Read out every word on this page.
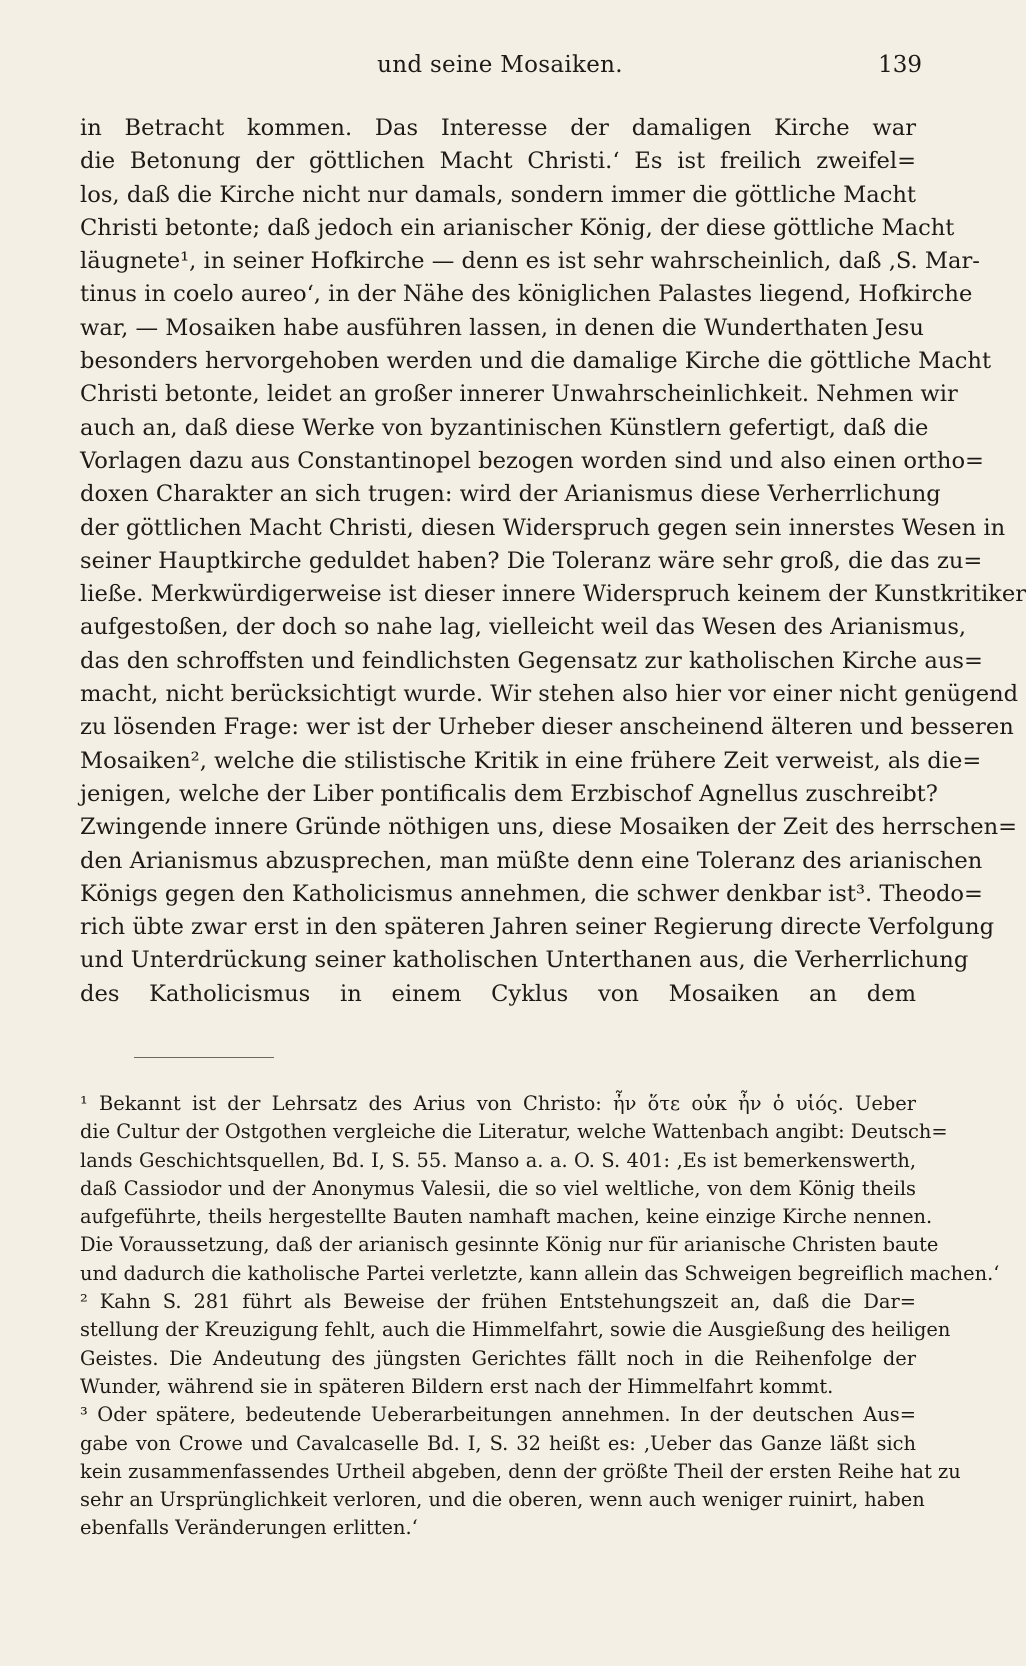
und seine Mosaiken.	139
in Betracht kommen. Das Interesse der damaligen Kirche war
die Betonung der göttlichen Macht Christi.‘ Es ist freilich zweifel=
los, daß die Kirche nicht nur damals, sondern immer die göttliche Macht
Christi betonte; daß jedoch ein arianischer König, der diese göttliche Macht
läugnete¹, in seiner Hofkirche — denn es ist sehr wahrscheinlich, daß ‚S. Mar-
tinus in coelo aureo‘, in der Nähe des königlichen Palastes liegend, Hofkirche
war, — Mosaiken habe ausführen lassen, in denen die Wunderthaten Jesu
besonders hervorgehoben werden und die damalige Kirche die göttliche Macht
Christi betonte, leidet an großer innerer Unwahrscheinlichkeit. Nehmen wir
auch an, daß diese Werke von byzantinischen Künstlern gefertigt, daß die
Vorlagen dazu aus Constantinopel bezogen worden sind und also einen ortho=
doxen Charakter an sich trugen: wird der Arianismus diese Verherrlichung
der göttlichen Macht Christi, diesen Widerspruch gegen sein innerstes Wesen in
seiner Hauptkirche geduldet haben? Die Toleranz wäre sehr groß, die das zu=
ließe. Merkwürdigerweise ist dieser innere Widerspruch keinem der Kunstkritiker
aufgestoßen, der doch so nahe lag, vielleicht weil das Wesen des Arianismus,
das den schroffsten und feindlichsten Gegensatz zur katholischen Kirche aus=
macht, nicht berücksichtigt wurde. Wir stehen also hier vor einer nicht genügend
zu lösenden Frage: wer ist der Urheber dieser anscheinend älteren und besseren
Mosaiken², welche die stilistische Kritik in eine frühere Zeit verweist, als die=
jenigen, welche der Liber pontificalis dem Erzbischof Agnellus zuschreibt?
Zwingende innere Gründe nöthigen uns, diese Mosaiken der Zeit des herrschen=
den Arianismus abzusprechen, man müßte denn eine Toleranz des arianischen
Königs gegen den Katholicismus annehmen, die schwer denkbar ist³. Theodo=
rich übte zwar erst in den späteren Jahren seiner Regierung directe Verfolgung
und Unterdrückung seiner katholischen Unterthanen aus, die Verherrlichung
des Katholicismus in einem Cyklus von Mosaiken an dem
¹ Bekannt ist der Lehrsatz des Arius von Christo: ἦν ὅτε οὐκ ἦν ὁ υἱός. Ueber
die Cultur der Ostgothen vergleiche die Literatur, welche Wattenbach angibt: Deutsch=
lands Geschichtsquellen, Bd. I, S. 55. Manso a. a. O. S. 401: ‚Es ist bemerkenswerth,
daß Cassiodor und der Anonymus Valesii, die so viel weltliche, von dem König theils
aufgeführte, theils hergestellte Bauten namhaft machen, keine einzige Kirche nennen.
Die Voraussetzung, daß der arianisch gesinnte König nur für arianische Christen baute
und dadurch die katholische Partei verletzte, kann allein das Schweigen begreiflich machen.‘
² Kahn S. 281 führt als Beweise der frühen Entstehungszeit an, daß die Dar=
stellung der Kreuzigung fehlt, auch die Himmelfahrt, sowie die Ausgießung des heiligen
Geistes. Die Andeutung des jüngsten Gerichtes fällt noch in die Reihenfolge der
Wunder, während sie in späteren Bildern erst nach der Himmelfahrt kommt.
³ Oder spätere, bedeutende Ueberarbeitungen annehmen. In der deutschen Aus=
gabe von Crowe und Cavalcaselle Bd. I, S. 32 heißt es: ‚Ueber das Ganze läßt sich
kein zusammenfassendes Urtheil abgeben, denn der größte Theil der ersten Reihe hat zu
sehr an Ursprünglichkeit verloren, und die oberen, wenn auch weniger ruinirt, haben
ebenfalls Veränderungen erlitten.‘
